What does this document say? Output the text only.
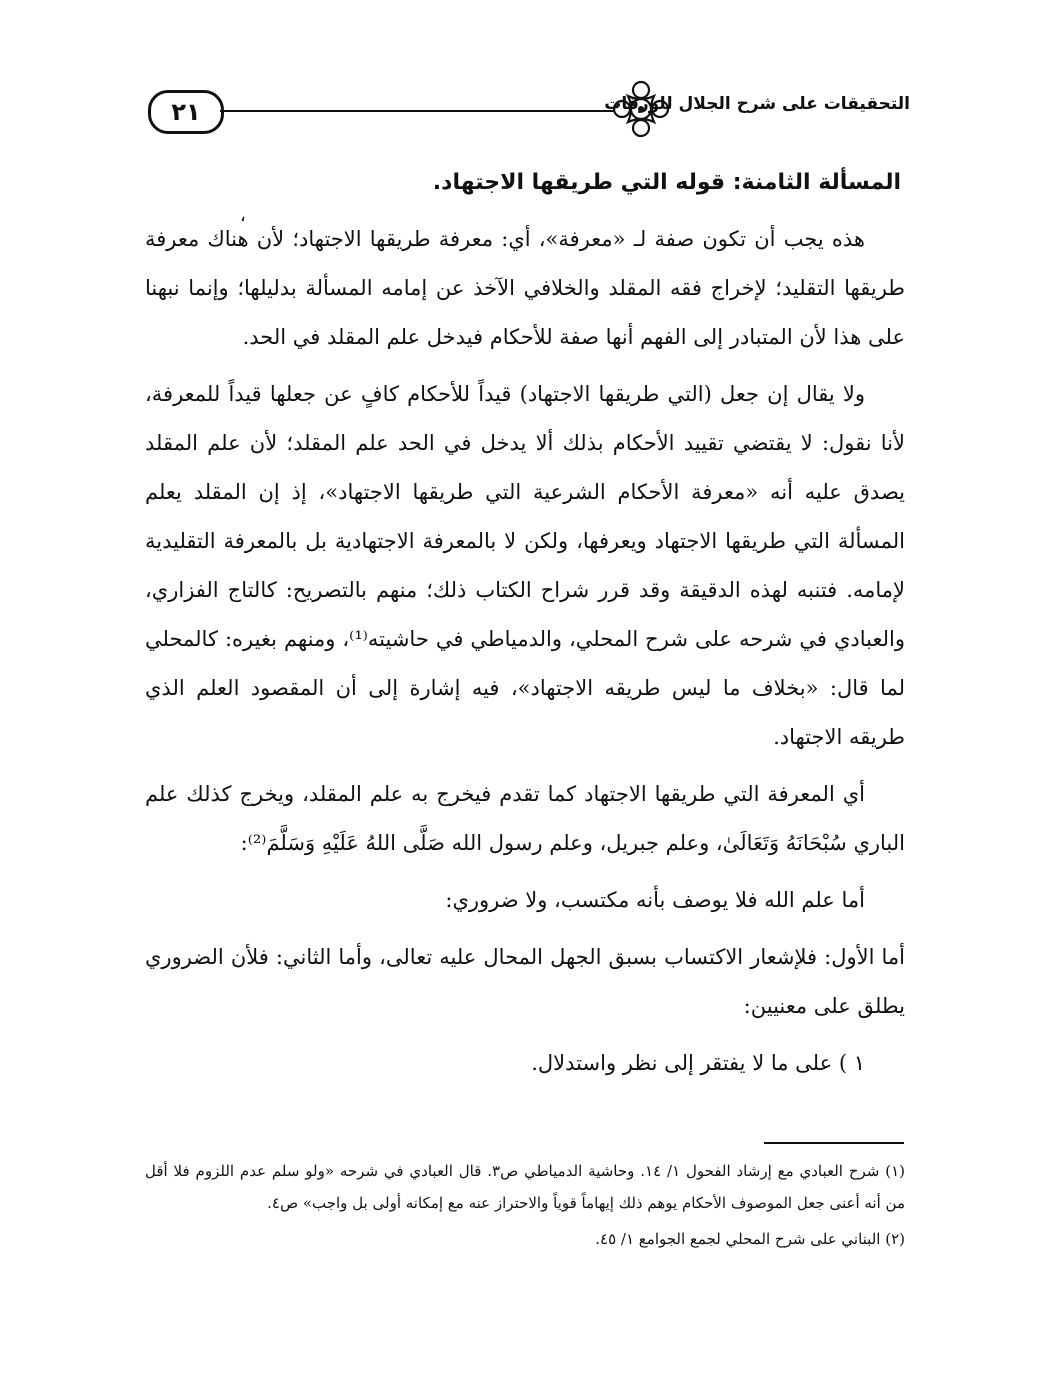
٢١	التحقيقات على شرح الجلال للورقات
،
المسألة الثامنة: قوله التي طريقها الاجتهاد.

هذه يجب أن تكون صفة لـ «معرفة»، أي: معرفة طريقها الاجتهاد؛ لأن هناك معرفة طريقها التقليد؛ لإخراج فقه المقلد والخلافي الآخذ عن إمامه المسألة بدليلها؛ وإنما نبهنا على هذا لأن المتبادر إلى الفهم أنها صفة للأحكام فيدخل علم المقلد في الحد.

ولا يقال إن جعل (التي طريقها الاجتهاد) قيداً للأحكام كافٍ عن جعلها قيداً للمعرفة، لأنا نقول: لا يقتضي تقييد الأحكام بذلك ألا يدخل في الحد علم المقلد؛ لأن علم المقلد يصدق عليه أنه «معرفة الأحكام الشرعية التي طريقها الاجتهاد»، إذ إن المقلد يعلم المسألة التي طريقها الاجتهاد ويعرفها، ولكن لا بالمعرفة الاجتهادية بل بالمعرفة التقليدية لإمامه. فتنبه لهذه الدقيقة وقد قرر شراح الكتاب ذلك؛ منهم بالتصريح: كالتاج الفزاري، والعبادي في شرحه على شرح المحلي، والدمياطي في حاشيته⁽¹⁾، ومنهم بغيره: كالمحلي لما قال: «بخلاف ما ليس طريقه الاجتهاد»، فيه إشارة إلى أن المقصود العلم الذي طريقه الاجتهاد.

أي المعرفة التي طريقها الاجتهاد كما تقدم فيخرج به علم المقلد، ويخرج كذلك علم الباري سُبْحَانَهُ وَتَعَالَىٰ، وعلم جبريل، وعلم رسول الله صَلَّى اللهُ عَلَيْهِ وَسَلَّمَ⁽²⁾:

أما علم الله فلا يوصف بأنه مكتسب، ولا ضروري:

أما الأول: فلإشعار الاكتساب بسبق الجهل المحال عليه تعالى، وأما الثاني: فلأن الضروري يطلق على معنيين:

١ ) على ما لا يفتقر إلى نظر واستدلال.

(١) شرح العبادي مع إرشاد الفحول ١/ ١٤. وحاشية الدمياطي ص٣. قال العبادي في شرحه «ولو سلم عدم اللزوم فلا أقل من أنه أعنى جعل الموصوف الأحكام يوهم ذلك إيهاماً قوياً والاحتراز عنه مع إمكانه أولى بل واجب» ص٤.

(٢) البناني على شرح المحلي لجمع الجوامع ١/ ٤٥.
